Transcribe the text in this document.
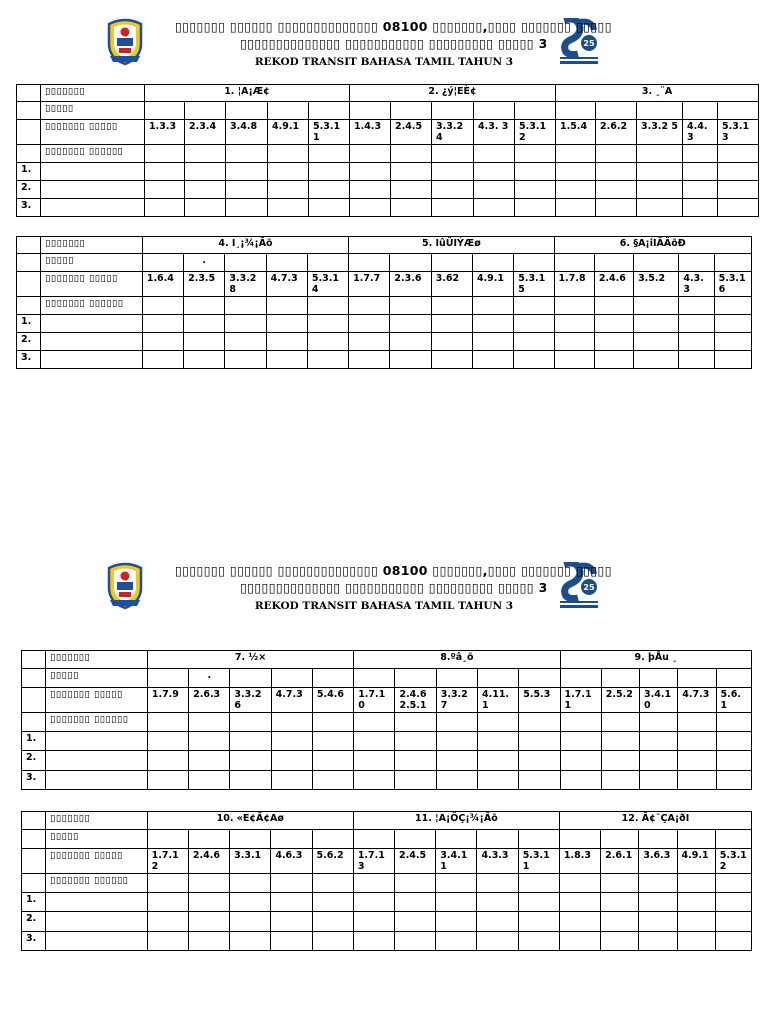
25
▯▯▯▯▯▯▯ ▯▯▯▯▯▯ ▯▯▯▯▯▯▯▯▯▯▯▯▯▯ 08100 ▯▯▯▯▯▯▯,▯▯▯▯ ▯▯▯▯▯▯▯ ▯▯▯▯▯
▯▯▯▯▯▯▯▯▯▯▯▯▯▯ ▯▯▯▯▯▯▯▯▯▯▯ ▯▯▯▯▯▯▯▯▯ ▯▯▯▯▯ 3
REKOD TRANSIT BAHASA TAMIL TAHUN 3
25
▯▯▯▯▯▯▯ ▯▯▯▯▯▯ ▯▯▯▯▯▯▯▯▯▯▯▯▯▯ 08100 ▯▯▯▯▯▯▯,▯▯▯▯ ▯▯▯▯▯▯▯ ▯▯▯▯▯
▯▯▯▯▯▯▯▯▯▯▯▯▯▯ ▯▯▯▯▯▯▯▯▯▯▯ ▯▯▯▯▯▯▯▯▯ ▯▯▯▯▯ 3
REKOD TRANSIT BAHASA TAMIL TAHUN 3
	▯▯▯▯▯▯▯	1. ¦A¡Æ¢					2. ¿ý¦EÈ¢					3. ¸¨A				
	▯▯▯▯▯															
	▯▯▯▯▯▯▯ ▯▯▯▯▯	1.3.3	2.3.4	3.4.8	4.9.1	5.3.1 1	1.4.3	2.4.5	3.3.2 4	4.3. 3	5.3.1 2	1.5.4	2.6.2	3.3.2 5	4.4. 3	5.3.1 3
	▯▯▯▯▯▯▯ ▯▯▯▯▯▯															
1.																
2.																
3.																
	▯▯▯▯▯▯▯	4. I¸¡¾¡Ãõ					5. IûÜIÝÆø					6. §A¡iIÃÄõÐ				
	▯▯▯▯▯		.													
	▯▯▯▯▯▯▯ ▯▯▯▯▯	1.6.4	2.3.5	3.3.2 8	4.7.3	5.3.1 4	1.7.7	2.3.6	3.62	4.9.1	5.3.1 5	1.7.8	2.4.6	3.5.2	4.3. 3	5.3.1 6
	▯▯▯▯▯▯▯ ▯▯▯▯▯▯															
1.																
2.																
3.																
	▯▯▯▯▯▯▯	7. ½×					8.ºâ¸õ					9. þÅu ¸				
	▯▯▯▯▯		.													
	▯▯▯▯▯▯▯ ▯▯▯▯▯	1.7.9	2.6.3	3.3.26	4.7.3	5.4.6	1.7.1 0	2.4.6 2.5.1	3.3.2 7	4.11. 1	5.5.3	1.7.1 1	2.5.2	3.4.1 0	4.7.3	5.6. 1
	▯▯▯▯▯▯▯ ▯▯▯▯▯▯															
1.																
2.																
3.																
	▯▯▯▯▯▯▯	10. «E¢Ã¢Aø					11. ¦A¡ÖÇ¡¾¡Ãõ					12. Ã¢¯ÇA¡ðI				
	▯▯▯▯▯															
	▯▯▯▯▯▯▯ ▯▯▯▯▯	1.7.1 2	2.4.6	3.3.1	4.6.3	5.6.2	1.7.1 3	2.4.5	3.4.1 1	4.3.3	5.3.1 1	1.8.3	2.6.1	3.6.3	4.9.1	5.3.1 2
	▯▯▯▯▯▯▯ ▯▯▯▯▯▯															
1.																
2.																
3.																
